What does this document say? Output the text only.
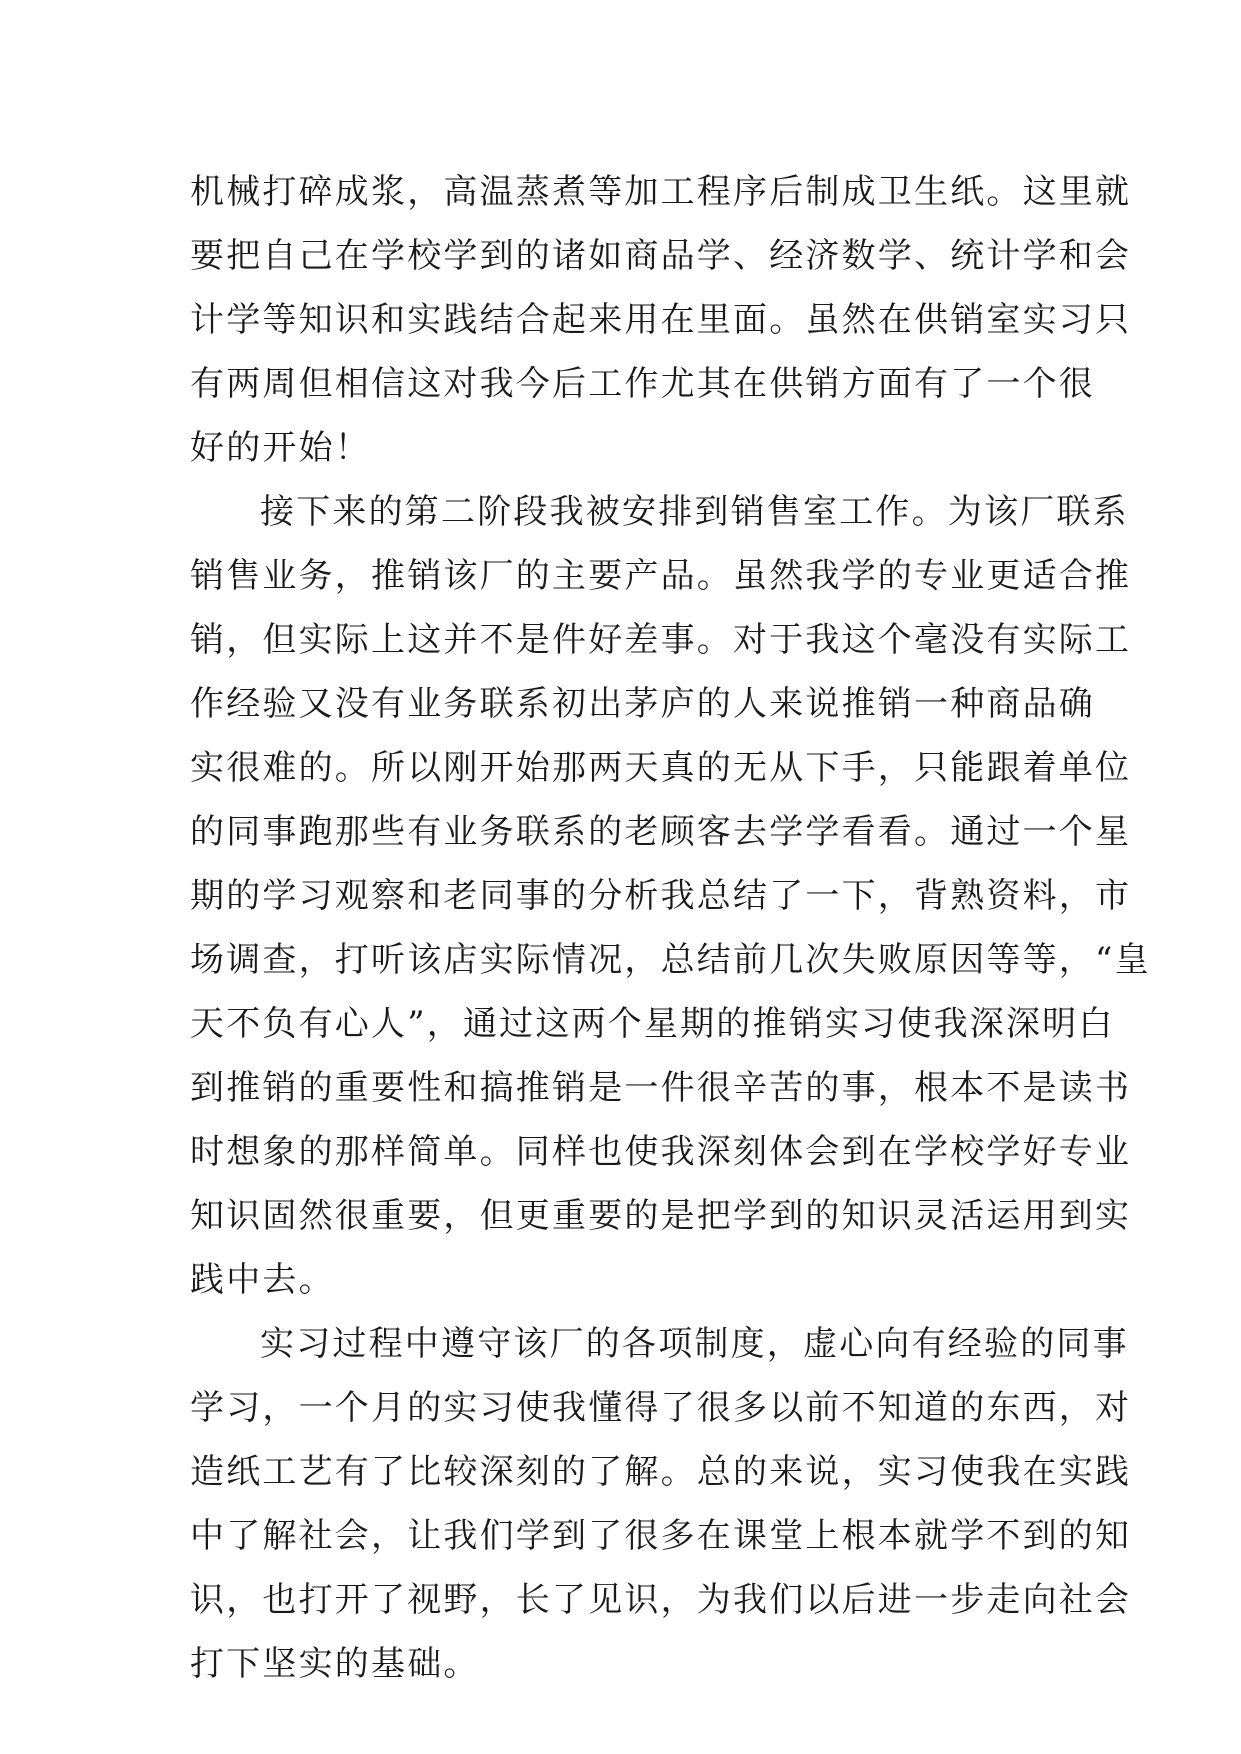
机械打碎成浆，高温蒸煮等加工程序后制成卫生纸。这里就
要把自己在学校学到的诸如商品学、经济数学、统计学和会
计学等知识和实践结合起来用在里面。虽然在供销室实习只
有两周但相信这对我今后工作尤其在供销方面有了一个很
好的开始！
接下来的第二阶段我被安排到销售室工作。为该厂联系
销售业务，推销该厂的主要产品。虽然我学的专业更适合推
销，但实际上这并不是件好差事。对于我这个毫没有实际工
作经验又没有业务联系初出茅庐的人来说推销一种商品确
实很难的。所以刚开始那两天真的无从下手，只能跟着单位
的同事跑那些有业务联系的老顾客去学学看看。通过一个星
期的学习观察和老同事的分析我总结了一下，背熟资料，市
场调查，打听该店实际情况，总结前几次失败原因等等，“皇
天不负有心人”，通过这两个星期的推销实习使我深深明白
到推销的重要性和搞推销是一件很辛苦的事，根本不是读书
时想象的那样简单。同样也使我深刻体会到在学校学好专业
知识固然很重要，但更重要的是把学到的知识灵活运用到实
践中去。
实习过程中遵守该厂的各项制度，虚心向有经验的同事
学习，一个月的实习使我懂得了很多以前不知道的东西，对
造纸工艺有了比较深刻的了解。总的来说，实习使我在实践
中了解社会，让我们学到了很多在课堂上根本就学不到的知
识，也打开了视野，长了见识，为我们以后进一步走向社会
打下坚实的基础。
